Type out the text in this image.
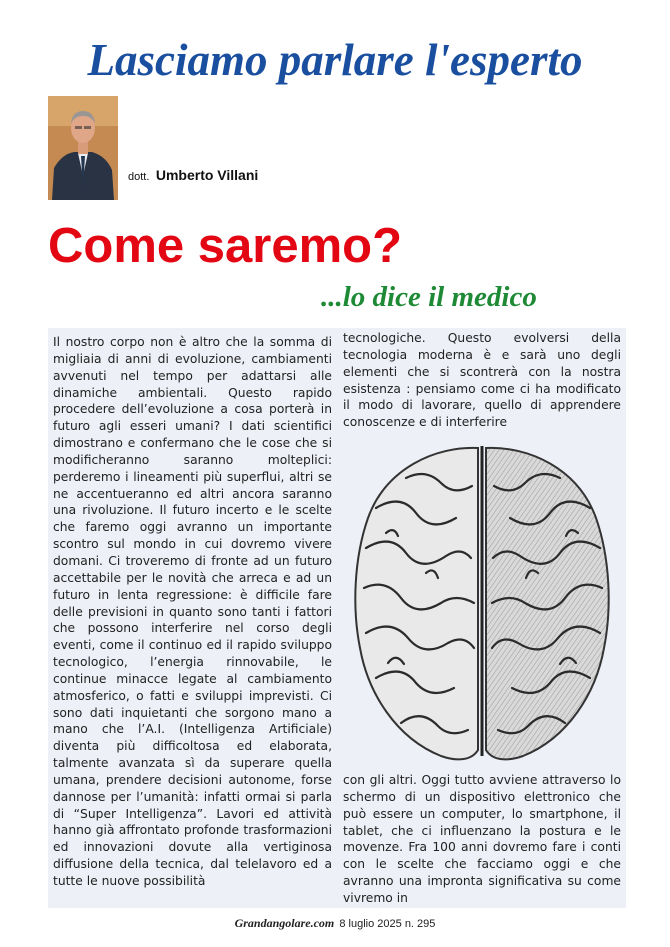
Lasciamo parlare l'esperto
dott. Umberto Villani
Come saremo?
...lo dice il medico
Il nostro corpo non è altro che la somma di migliaia di anni di evoluzione, cambiamenti avvenuti nel tempo per adattarsi alle dinamiche ambientali. Questo rapido procedere dell’evoluzione a cosa porterà in futuro agli esseri umani? I dati scientifici dimostrano e confermano che le cose che si modificheranno saranno molteplici: perderemo i lineamenti più superflui, altri se ne accentueranno ed altri ancora saranno una rivoluzione. Il futuro incerto e le scelte che faremo oggi avranno un importante scontro sul mondo in cui dovremo vivere domani. Ci troveremo di fronte ad un futuro accettabile per le novità che arreca e ad un futuro in lenta regressione: è difficile fare delle previsioni in quanto sono tanti i fattori che possono interferire nel corso degli eventi, come il continuo ed il rapido sviluppo tecnologico, l’energia rinnovabile, le continue minacce legate al cambiamento atmosferico, o fatti e sviluppi imprevisti. Ci sono dati inquietanti che sorgono mano a mano che l’A.I. (Intelligenza Artificiale) diventa più difficoltosa ed elaborata, talmente avanzata sì da superare quella umana, prendere decisioni autonome, forse dannose per l’umanità: infatti ormai si parla di “Super Intelligenza”. Lavori ed attività hanno già affrontato profonde trasformazioni ed innovazioni dovute alla vertiginosa diffusione della tecnica, dal telelavoro ed a tutte le nuove possibilità
tecnologiche. Questo evolversi della tecnologia moderna è e sarà uno degli elementi che si scontrerà con la nostra esistenza : pensiamo come ci ha modificato il modo di lavorare, quello di apprendere conoscenze e di interferire
con gli altri. Oggi tutto avviene attraverso lo schermo di un dispositivo elettronico che può essere un computer, lo smartphone, il tablet, che ci influenzano la postura e le movenze. Fra 100 anni dovremo fare i conti con le scelte che facciamo oggi e che avranno una impronta significativa su come vivremo in
Grandangolare.com 8 luglio 2025 n. 295
